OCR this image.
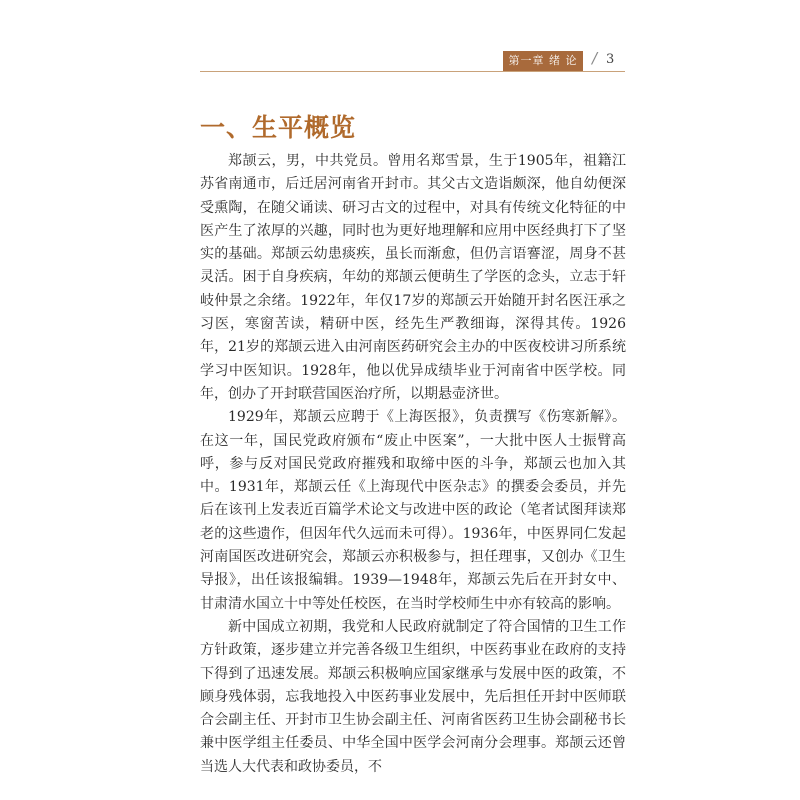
第一章 绪 论 / 3
一、生平概览

郑颉云，男，中共党员。曾用名郑雪景，生于1905年，祖籍江苏省南通市，后迁居河南省开封市。其父古文造诣颇深，他自幼便深受熏陶，在随父诵读、研习古文的过程中，对具有传统文化特征的中医产生了浓厚的兴趣，同时也为更好地理解和应用中医经典打下了坚实的基础。郑颉云幼患痰疾，虽长而渐愈，但仍言语謇涩，周身不甚灵活。困于自身疾病，年幼的郑颉云便萌生了学医的念头，立志于轩岐仲景之余绪。1922年，年仅17岁的郑颉云开始随开封名医汪承之习医，寒窗苦读，精研中医，经先生严教细诲，深得其传。1926年，21岁的郑颉云进入由河南医药研究会主办的中医夜校讲习所系统学习中医知识。1928年，他以优异成绩毕业于河南省中医学校。同年，创办了开封联营国医治疗所，以期悬壶济世。

1929年，郑颉云应聘于《上海医报》，负责撰写《伤寒新解》。在这一年，国民党政府颁布“废止中医案”，一大批中医人士振臂高呼，参与反对国民党政府摧残和取缔中医的斗争，郑颉云也加入其中。1931年，郑颉云任《上海现代中医杂志》的撰委会委员，并先后在该刊上发表近百篇学术论文与改进中医的政论（笔者试图拜读郑老的这些遗作，但因年代久远而未可得）。1936年，中医界同仁发起河南国医改进研究会，郑颉云亦积极参与，担任理事，又创办《卫生导报》，出任该报编辑。1939—1948年，郑颉云先后在开封女中、甘肃清水国立十中等处任校医，在当时学校师生中亦有较高的影响。

新中国成立初期，我党和人民政府就制定了符合国情的卫生工作方针政策，逐步建立并完善各级卫生组织，中医药事业在政府的支持下得到了迅速发展。郑颉云积极响应国家继承与发展中医的政策，不顾身残体弱，忘我地投入中医药事业发展中，先后担任开封中医师联合会副主任、开封市卫生协会副主任、河南省医药卫生协会副秘书长兼中医学组主任委员、中华全国中医学会河南分会理事。郑颉云还曾当选人大代表和政协委员，不
